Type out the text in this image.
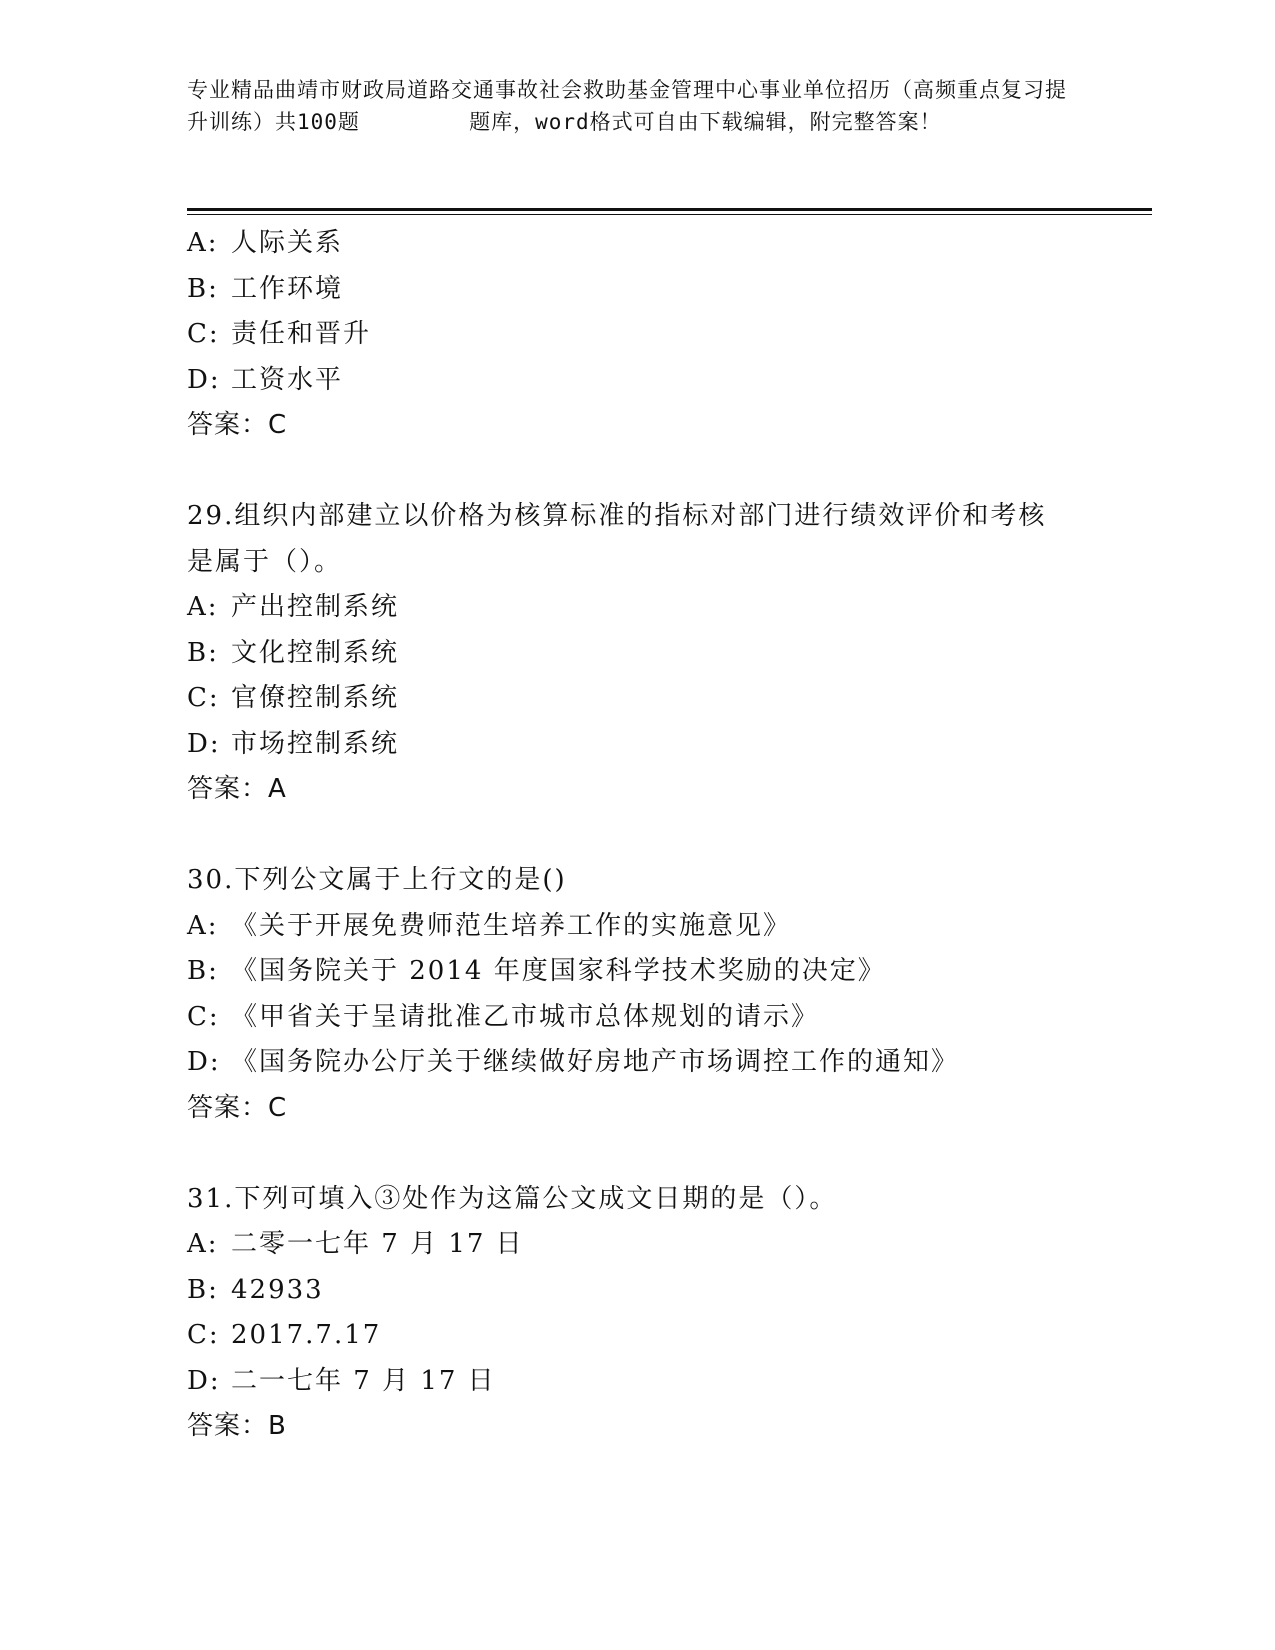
专业精品曲靖市财政局道路交通事故社会救助基金管理中心事业单位招历（高频重点复习提升训练）共100题        题库，word格式可自由下载编辑，附完整答案！
A: 人际关系
B: 工作环境
C: 责任和晋升
D: 工资水平
答案：C
29.组织内部建立以价格为核算标准的指标对部门进行绩效评价和考核
是属于（）。
A: 产出控制系统
B: 文化控制系统
C: 官僚控制系统
D: 市场控制系统
答案：A
30.下列公文属于上行文的是()
A: 《关于开展免费师范生培养工作的实施意见》
B: 《国务院关于 2014 年度国家科学技术奖励的决定》
C: 《甲省关于呈请批准乙市城市总体规划的请示》
D: 《国务院办公厅关于继续做好房地产市场调控工作的通知》
答案：C
31.下列可填入③处作为这篇公文成文日期的是（）。
A: 二零一七年 7 月 17 日
B: 42933
C: 2017.7.17
D: 二一七年 7 月 17 日
答案：B
